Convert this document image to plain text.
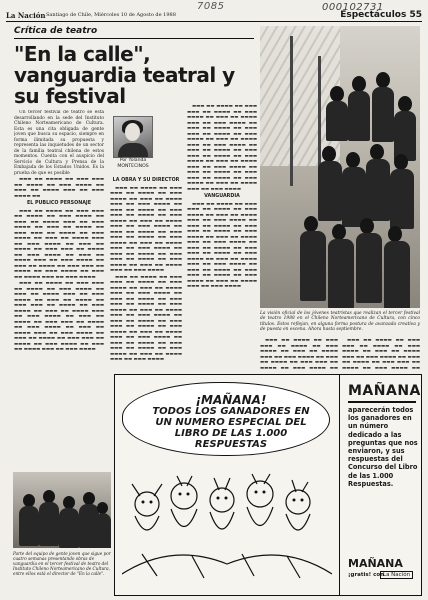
7085	000102731
La Nación Santiago de Chile, Miércoles 10 de Agosto de 1988	Espectáculos 55
Crítica de teatro
"En la calle", vanguardia teatral y su festival

Un tercer festival de teatro se está desarrollando en la sede del Instituto Chileno Norteamericano de Cultura. Esta es una cita obligada de gente joven que busca su espacio, siempre en forma ilimitada su propuesta y representa las inquietudes de un sector de la familia teatral chilena de estos momentos. Cuenta con el auspicio del Servicio de Cultura y Prensa de la Embajada de los Estados Unidos. Es la prueba de que es posible

▬▬▬ ▬▬ ▬▬▬▬ ▬▬ ▬▬▬ ▬▬▬ ▬▬ ▬▬▬▬ ▬▬ ▬▬▬ ▬▬▬▬ ▬▬ ▬▬▬ ▬▬ ▬▬▬▬ ▬▬▬ ▬▬ ▬▬▬ ▬▬▬▬ ▬▬

EL PUBLICO PERSONAJE

▬▬▬ ▬▬ ▬▬▬▬ ▬▬ ▬▬▬ ▬▬▬ ▬▬ ▬▬▬▬ ▬▬ ▬▬▬ ▬▬▬▬ ▬▬ ▬▬▬ ▬▬ ▬▬▬▬ ▬▬▬ ▬▬ ▬▬▬ ▬▬▬▬ ▬▬ ▬▬▬ ▬▬ ▬▬▬▬ ▬▬ ▬▬▬ ▬▬▬ ▬▬ ▬▬▬▬ ▬▬ ▬▬▬ ▬▬▬▬ ▬▬ ▬▬▬ ▬▬ ▬▬▬▬ ▬▬▬ ▬▬ ▬▬▬ ▬▬▬▬ ▬▬ ▬▬▬ ▬▬ ▬▬▬▬ ▬▬ ▬▬▬ ▬▬▬ ▬▬ ▬▬▬▬ ▬▬ ▬▬▬ ▬▬▬▬ ▬▬ ▬▬▬ ▬▬ ▬▬▬▬ ▬▬▬ ▬▬ ▬▬▬ ▬▬▬▬ ▬▬ ▬▬▬ ▬▬ ▬▬▬▬ ▬▬ ▬▬▬ ▬▬▬ ▬▬ ▬▬▬▬ ▬▬ ▬▬▬ ▬▬▬▬ ▬▬ ▬▬▬ ▬▬ ▬▬▬▬ ▬▬▬ ▬▬ ▬▬▬ ▬▬▬▬

▬▬▬ ▬▬ ▬▬▬▬ ▬▬ ▬▬▬ ▬▬▬ ▬▬ ▬▬▬▬ ▬▬ ▬▬▬ ▬▬▬▬ ▬▬ ▬▬▬ ▬▬ ▬▬▬▬ ▬▬▬ ▬▬ ▬▬▬ ▬▬▬▬ ▬▬ ▬▬▬ ▬▬ ▬▬▬▬ ▬▬ ▬▬▬ ▬▬▬ ▬▬ ▬▬▬▬ ▬▬ ▬▬▬ ▬▬▬▬ ▬▬ ▬▬▬ ▬▬ ▬▬▬▬ ▬▬▬ ▬▬ ▬▬▬ ▬▬▬▬ ▬▬ ▬▬▬ ▬▬ ▬▬▬▬ ▬▬ ▬▬▬ ▬▬▬ ▬▬ ▬▬▬▬ ▬▬ ▬▬▬ ▬▬▬▬ ▬▬ ▬▬▬ ▬▬ ▬▬▬▬ ▬▬▬ ▬▬ ▬▬▬ ▬▬▬▬ ▬▬ ▬▬▬ ▬▬ ▬▬▬▬ ▬▬ ▬▬▬ ▬▬▬ ▬▬ ▬▬▬▬ ▬▬ ▬▬▬ ▬▬▬▬ ▬▬ ▬▬▬ ▬▬ ▬▬▬▬ ▬▬▬ ▬▬ ▬▬▬ ▬▬▬▬

Por Yolanda
MONTECINOS
LA OBRA Y SU DIRECTOR

▬▬▬ ▬▬ ▬▬▬▬ ▬▬ ▬▬▬ ▬▬▬ ▬▬ ▬▬▬▬ ▬▬ ▬▬▬ ▬▬▬▬ ▬▬ ▬▬▬ ▬▬ ▬▬▬▬ ▬▬▬ ▬▬ ▬▬▬ ▬▬▬▬ ▬▬ ▬▬▬ ▬▬ ▬▬▬▬ ▬▬ ▬▬▬ ▬▬▬ ▬▬ ▬▬▬▬ ▬▬ ▬▬▬ ▬▬▬▬ ▬▬ ▬▬▬ ▬▬ ▬▬▬▬ ▬▬▬ ▬▬ ▬▬▬ ▬▬▬▬ ▬▬ ▬▬▬ ▬▬ ▬▬▬▬ ▬▬ ▬▬▬ ▬▬▬ ▬▬ ▬▬▬▬ ▬▬ ▬▬▬ ▬▬▬▬ ▬▬ ▬▬▬ ▬▬ ▬▬▬▬ ▬▬▬ ▬▬ ▬▬▬ ▬▬▬▬ ▬▬ ▬▬▬ ▬▬ ▬▬▬▬ ▬▬ ▬▬▬ ▬▬▬ ▬▬ ▬▬▬▬ ▬▬ ▬▬▬ ▬▬▬▬ ▬▬ ▬▬▬ ▬▬ ▬▬▬▬ ▬▬▬ ▬▬ ▬▬▬ ▬▬▬▬

▬▬▬ ▬▬ ▬▬▬▬ ▬▬ ▬▬▬ ▬▬▬ ▬▬ ▬▬▬▬ ▬▬ ▬▬▬ ▬▬▬▬ ▬▬ ▬▬▬ ▬▬ ▬▬▬▬ ▬▬▬ ▬▬ ▬▬▬ ▬▬▬▬ ▬▬ ▬▬▬ ▬▬ ▬▬▬▬ ▬▬ ▬▬▬ ▬▬▬ ▬▬ ▬▬▬▬ ▬▬ ▬▬▬ ▬▬▬▬ ▬▬ ▬▬▬ ▬▬ ▬▬▬▬ ▬▬▬ ▬▬ ▬▬▬ ▬▬▬▬ ▬▬ ▬▬▬ ▬▬ ▬▬▬▬ ▬▬ ▬▬▬ ▬▬▬ ▬▬ ▬▬▬▬ ▬▬ ▬▬▬ ▬▬▬▬ ▬▬ ▬▬▬ ▬▬ ▬▬▬▬ ▬▬▬ ▬▬ ▬▬▬ ▬▬▬▬ ▬▬ ▬▬▬ ▬▬ ▬▬▬▬ ▬▬ ▬▬▬ ▬▬▬ ▬▬ ▬▬▬▬ ▬▬ ▬▬▬ ▬▬▬▬ ▬▬ ▬▬▬ ▬▬ ▬▬▬▬ ▬▬▬ ▬▬ ▬▬▬ ▬▬▬▬

▬▬▬ ▬▬ ▬▬▬▬ ▬▬ ▬▬▬ ▬▬▬ ▬▬ ▬▬▬▬ ▬▬ ▬▬▬ ▬▬▬▬ ▬▬ ▬▬▬ ▬▬ ▬▬▬▬ ▬▬▬ ▬▬ ▬▬▬ ▬▬▬▬ ▬▬ ▬▬▬ ▬▬ ▬▬▬▬ ▬▬ ▬▬▬ ▬▬▬ ▬▬ ▬▬▬▬ ▬▬ ▬▬▬ ▬▬▬▬ ▬▬ ▬▬▬ ▬▬ ▬▬▬▬ ▬▬▬ ▬▬ ▬▬▬ ▬▬▬▬ ▬▬ ▬▬▬ ▬▬ ▬▬▬▬ ▬▬ ▬▬▬ ▬▬▬ ▬▬ ▬▬▬▬ ▬▬ ▬▬▬ ▬▬▬▬ ▬▬ ▬▬▬ ▬▬ ▬▬▬▬ ▬▬▬ ▬▬ ▬▬▬ ▬▬▬▬ ▬▬ ▬▬▬ ▬▬ ▬▬▬▬ ▬▬ ▬▬▬ ▬▬▬ ▬▬ ▬▬▬▬ ▬▬ ▬▬▬ ▬▬▬▬ ▬▬ ▬▬▬ ▬▬ ▬▬▬▬ ▬▬▬ ▬▬ ▬▬▬ ▬▬▬▬

VANGUARDIA

▬▬▬ ▬▬ ▬▬▬▬ ▬▬ ▬▬▬ ▬▬▬ ▬▬ ▬▬▬▬ ▬▬ ▬▬▬ ▬▬▬▬ ▬▬ ▬▬▬ ▬▬ ▬▬▬▬ ▬▬▬ ▬▬ ▬▬▬ ▬▬▬▬ ▬▬ ▬▬▬ ▬▬ ▬▬▬▬ ▬▬ ▬▬▬ ▬▬▬ ▬▬ ▬▬▬▬ ▬▬ ▬▬▬ ▬▬▬▬ ▬▬ ▬▬▬ ▬▬ ▬▬▬▬ ▬▬▬ ▬▬ ▬▬▬ ▬▬▬▬ ▬▬ ▬▬▬ ▬▬ ▬▬▬▬ ▬▬ ▬▬▬ ▬▬▬ ▬▬ ▬▬▬▬ ▬▬ ▬▬▬ ▬▬▬▬ ▬▬ ▬▬▬ ▬▬ ▬▬▬▬ ▬▬▬ ▬▬ ▬▬▬ ▬▬▬▬ ▬▬ ▬▬▬ ▬▬ ▬▬▬▬ ▬▬ ▬▬▬ ▬▬▬ ▬▬ ▬▬▬▬ ▬▬ ▬▬▬ ▬▬▬▬ ▬▬ ▬▬▬ ▬▬ ▬▬▬▬ ▬▬▬ ▬▬ ▬▬▬ ▬▬▬▬

▬▬▬ ▬▬ ▬▬▬▬ ▬▬ ▬▬▬ ▬▬▬ ▬▬ ▬▬▬▬ ▬▬ ▬▬▬ ▬▬▬▬ ▬▬ ▬▬▬ ▬▬ ▬▬▬▬ ▬▬▬ ▬▬ ▬▬▬ ▬▬▬▬ ▬▬ ▬▬▬ ▬▬ ▬▬▬▬ ▬▬ ▬▬▬ ▬▬▬ ▬▬ ▬▬▬▬ ▬▬ ▬▬▬ ▬▬▬▬ ▬▬

▬▬▬ ▬▬ ▬▬▬▬ ▬▬ ▬▬▬ ▬▬▬ ▬▬ ▬▬▬▬ ▬▬ ▬▬▬ ▬▬▬▬ ▬▬ ▬▬▬ ▬▬ ▬▬▬▬ ▬▬▬ ▬▬ ▬▬▬ ▬▬▬▬ ▬▬ ▬▬▬ ▬▬ ▬▬▬▬ ▬▬ ▬▬▬ ▬▬▬ ▬▬ ▬▬▬▬ ▬▬ ▬▬▬ ▬▬▬▬ ▬▬

La visión oficial de los jóvenes teatristas que realizan el tercer festival de teatro 1988 en el Chileno Norteamericano de Cultura, con cinco títulos. Estos reflejan, en alguna forma postura de avanzada creativa y de puesta en escena. Ahora hasta septiembre.
Parte del equipo de gente joven que sigue por cuatro semanas presentando obras de vanguardia en el tercer festival de teatro del Instituto Chileno Norteamericano de Cultura, entre ellos está el director de "En la calle".
¡MAÑANA!
TODOS LOS GANADORES EN UN NUMERO ESPECIAL DEL LIBRO DE LAS 1.000 RESPUESTAS
MAÑANA
aparecerán todos los ganadores en un número dedicado a las preguntas que nos enviaron, y sus respuestas del Concurso del Libro de las 1.000 Respuestas.
MAÑANA
¡gratis! con
La Nación
